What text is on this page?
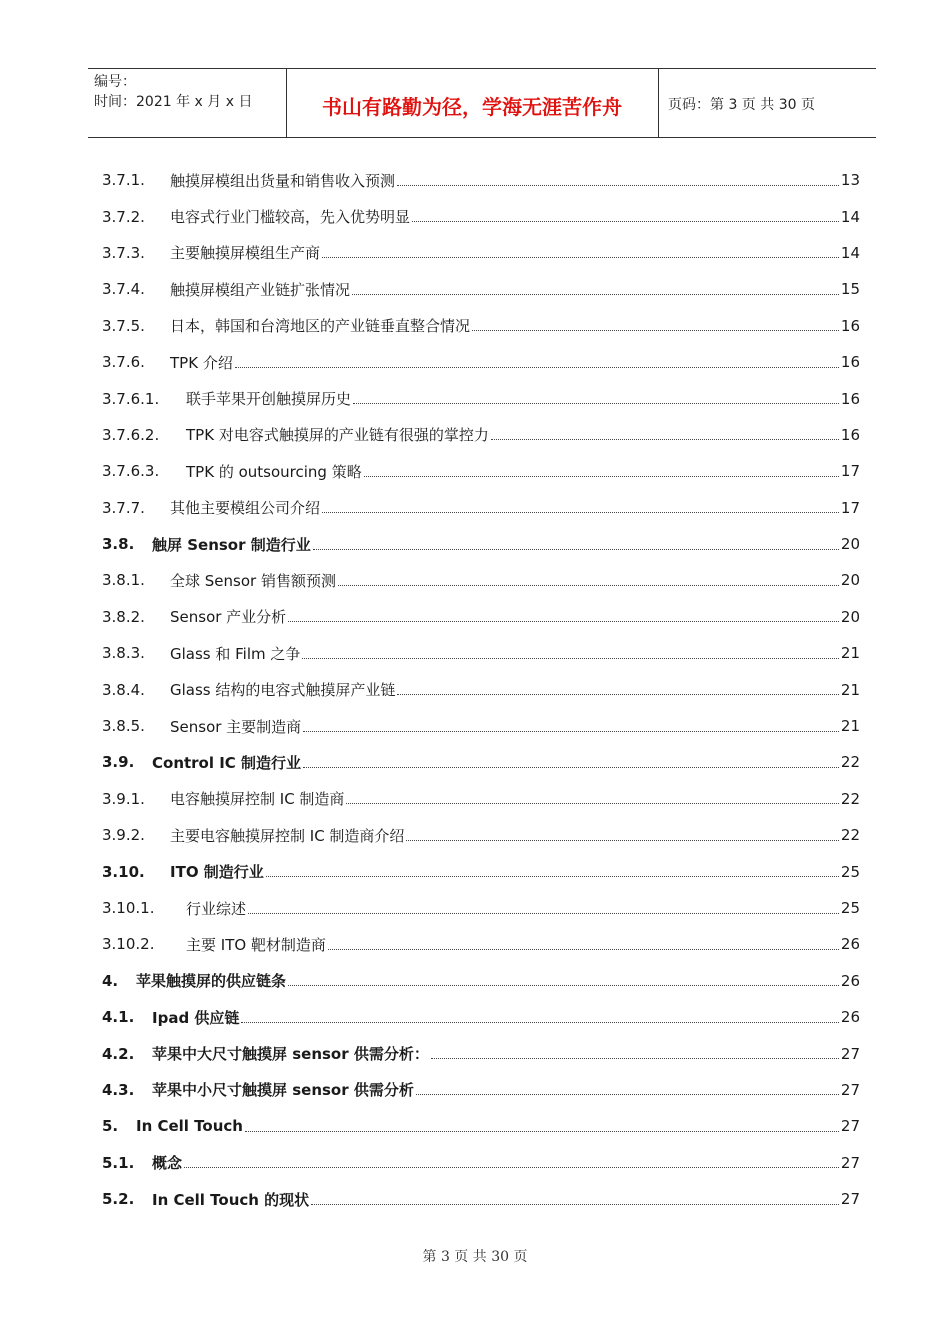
编号：
时间：2021 年 x 月 x 日	书山有路勤为径，学海无涯苦作舟	页码：第 3 页 共 30 页
3.7.1.	触摸屏模组出货量和销售收入预测	13
3.7.2.	电容式行业门槛较高，先入优势明显	14
3.7.3.	主要触摸屏模组生产商	14
3.7.4.	触摸屏模组产业链扩张情况	15
3.7.5.	日本，韩国和台湾地区的产业链垂直整合情况	16
3.7.6.	TPK 介绍	16
3.7.6.1.	联手苹果开创触摸屏历史	16
3.7.6.2.	TPK 对电容式触摸屏的产业链有很强的掌控力	16
3.7.6.3.	TPK 的 outsourcing 策略	17
3.7.7.	其他主要模组公司介绍	17
3.8.	触屏 Sensor 制造行业	20
3.8.1.	全球 Sensor 销售额预测	20
3.8.2.	Sensor 产业分析	20
3.8.3.	Glass 和 Film 之争	21
3.8.4.	Glass 结构的电容式触摸屏产业链	21
3.8.5.	Sensor 主要制造商	21
3.9.	Control IC 制造行业	22
3.9.1.	电容触摸屏控制 IC 制造商	22
3.9.2.	主要电容触摸屏控制 IC 制造商介绍	22
3.10.	ITO 制造行业	25
3.10.1.	行业综述	25
3.10.2.	主要 ITO 靶材制造商	26
4.	苹果触摸屏的供应链条	26
4.1.	Ipad 供应链	26
4.2.	苹果中大尺寸触摸屏 sensor 供需分析：	27
4.3.	苹果中小尺寸触摸屏 sensor 供需分析	27
5.	In Cell Touch	27
5.1.	概念	27
5.2.	In Cell Touch 的现状	27
第 3 页 共 30 页
